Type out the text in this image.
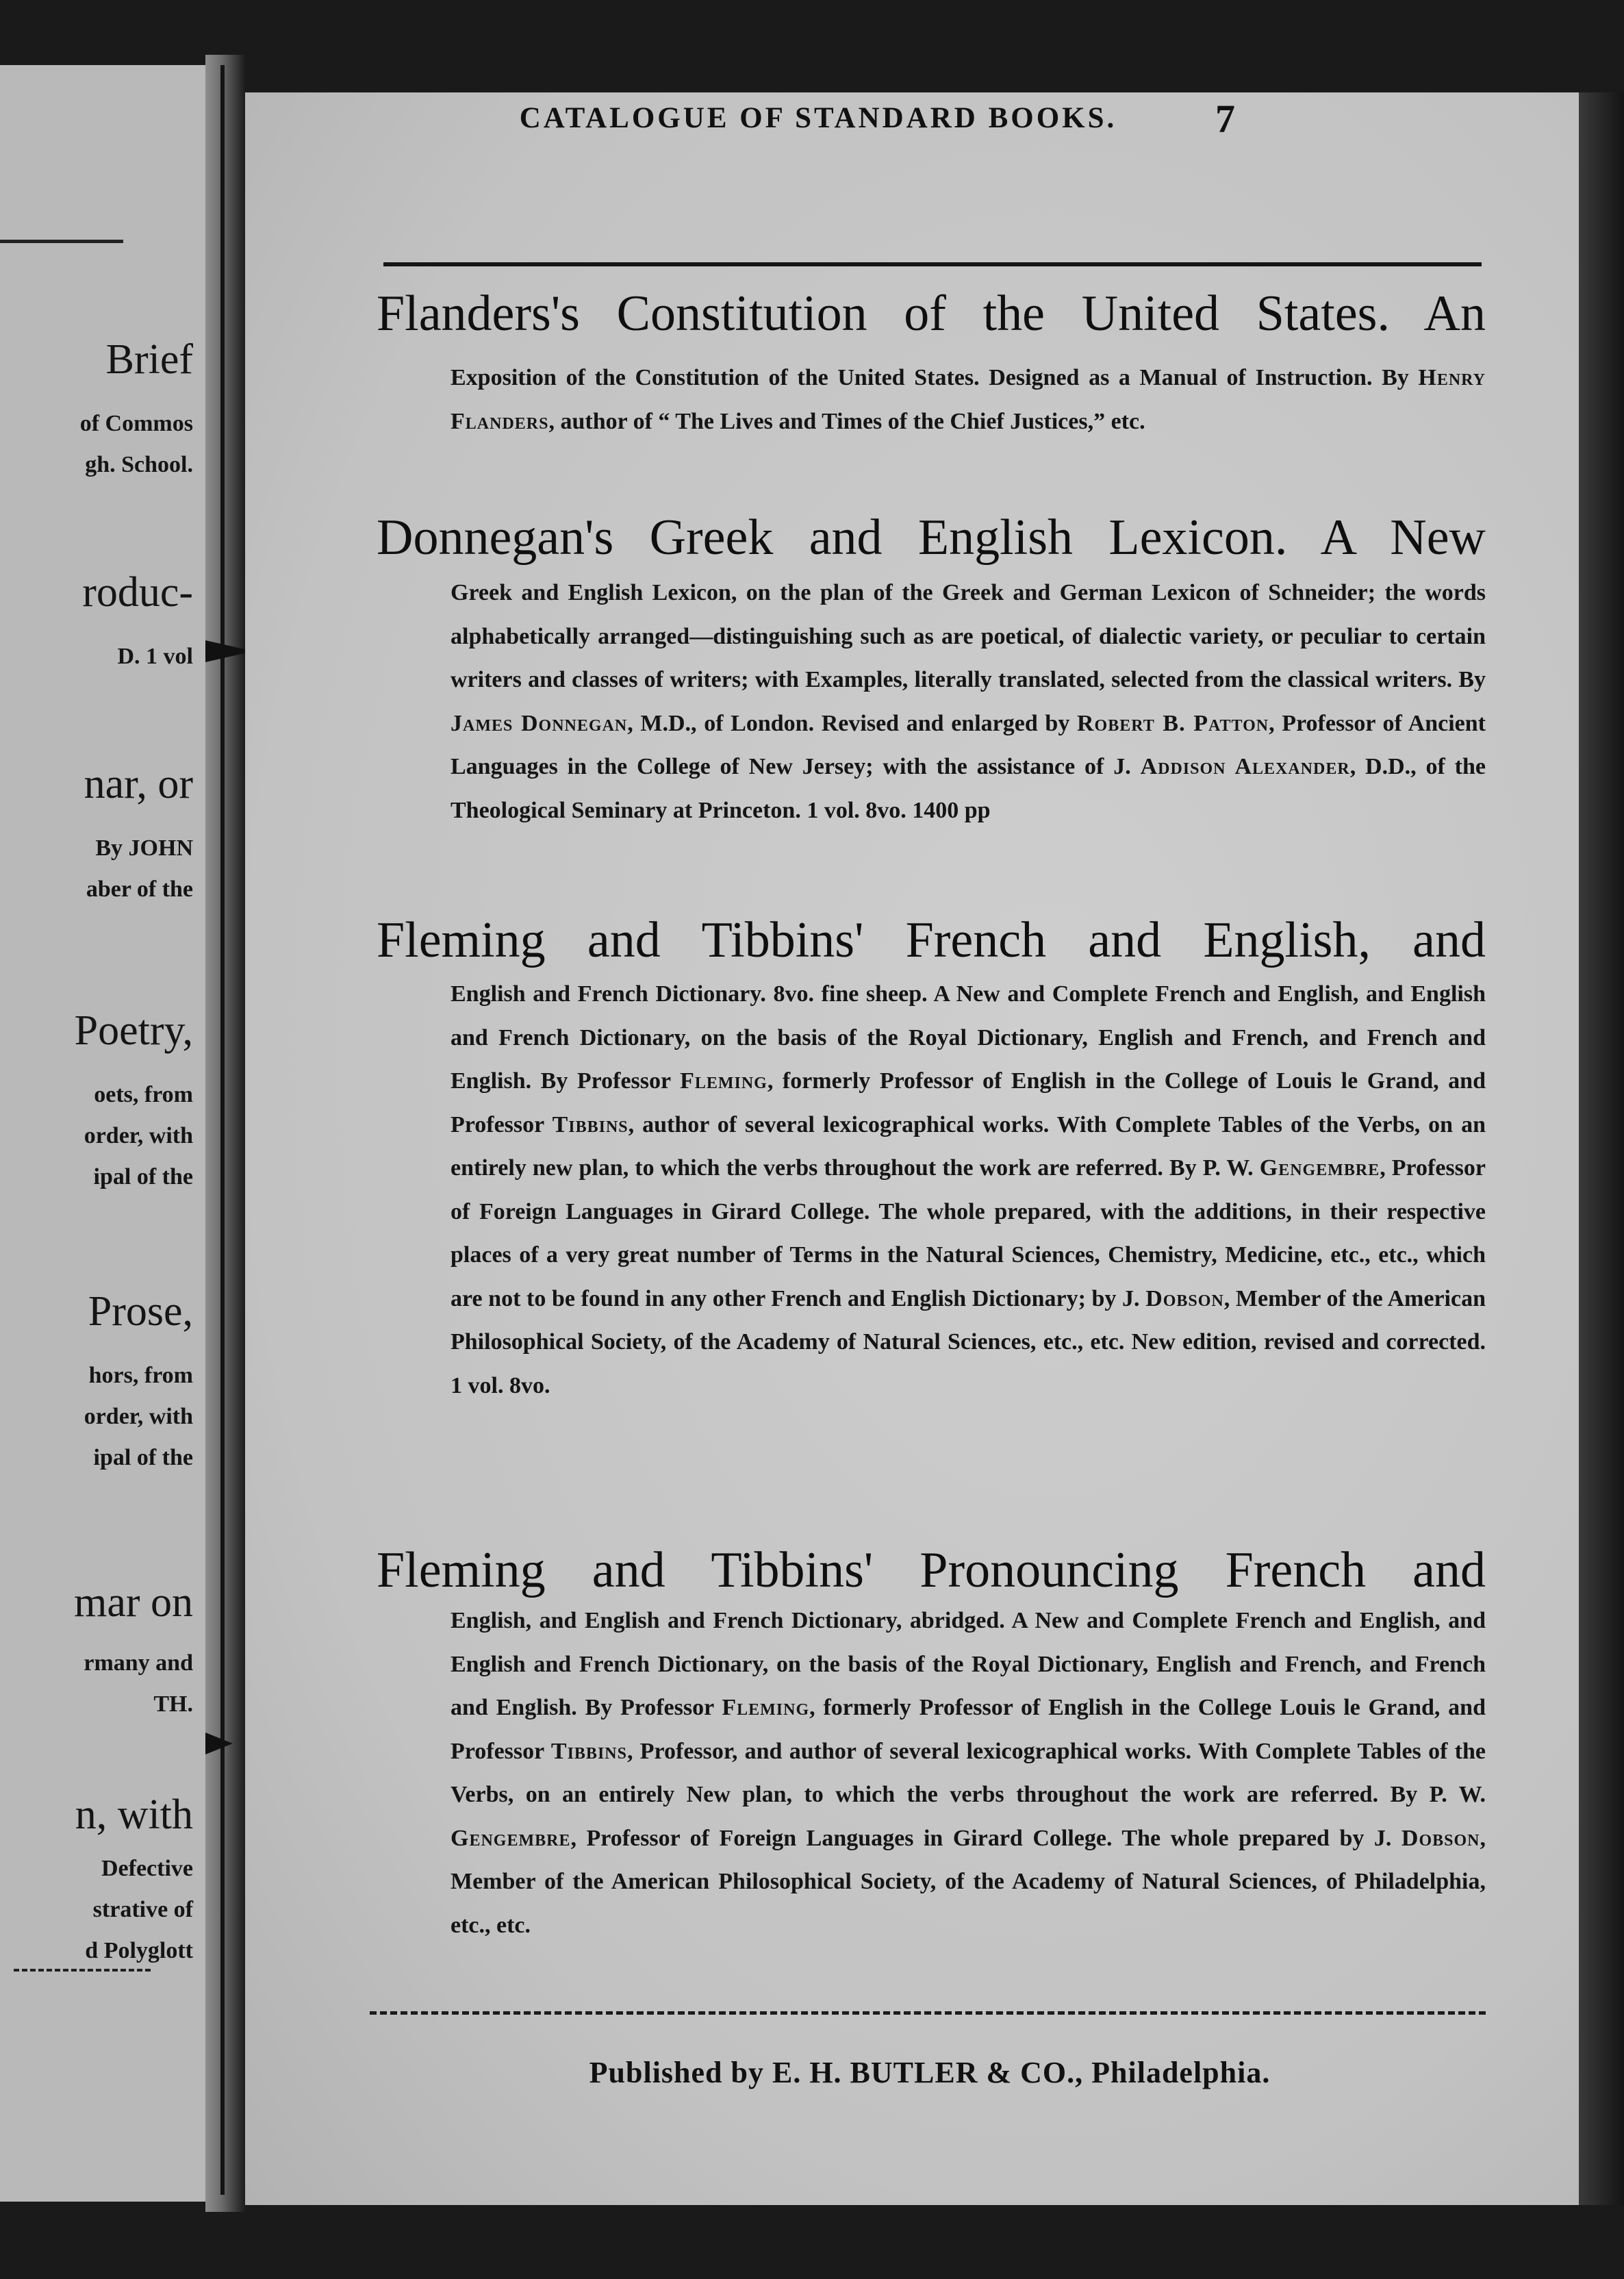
Brief
of Commos
gh. School.
roduc-
D. 1 vol
nar, or
By JOHN
aber of the
Poetry,
oets, from
order, with
ipal of the
Prose,
hors, from
order, with
ipal of the
mar on
rmany and
TH.
n, with
Defective
strative of
d Polyglott
CATALOGUE OF STANDARD BOOKS.	7
Flanders's Constitution of the United States. An
Exposition of the Constitution of the United States. Designed as a Manual of Instruction. By Henry Flanders, author of “ The Lives and Times of the Chief Justices,” etc.
Donnegan's Greek and English Lexicon. A New
Greek and English Lexicon, on the plan of the Greek and German Lexicon of Schneider; the words alphabetically arranged—distinguishing such as are poetical, of dialectic variety, or peculiar to certain writers and classes of writers; with Examples, literally translated, selected from the classical writers. By James Donnegan, M.D., of London. Revised and enlarged by Robert B. Patton, Professor of Ancient Languages in the College of New Jersey; with the assistance of J. Addison Alexander, D.D., of the Theological Seminary at Princeton. 1 vol. 8vo. 1400 pp
Fleming and Tibbins' French and English, and
English and French Dictionary. 8vo. fine sheep. A New and Complete French and English, and English and French Dictionary, on the basis of the Royal Dictionary, English and French, and French and English. By Professor Fleming, formerly Professor of English in the College of Louis le Grand, and Professor Tibbins, author of several lexicographical works. With Complete Tables of the Verbs, on an entirely new plan, to which the verbs throughout the work are referred. By P. W. Gengembre, Professor of Foreign Languages in Girard College. The whole prepared, with the additions, in their respective places of a very great number of Terms in the Natural Sciences, Chemistry, Medicine, etc., etc., which are not to be found in any other French and English Dictionary; by J. Dobson, Member of the American Philosophical Society, of the Academy of Natural Sciences, etc., etc. New edition, revised and corrected. 1 vol. 8vo.
Fleming and Tibbins' Pronouncing French and
English, and English and French Dictionary, abridged. A New and Complete French and English, and English and French Dictionary, on the basis of the Royal Dictionary, English and French, and French and English. By Professor Fleming, formerly Professor of English in the College Louis le Grand, and Professor Tibbins, Professor, and author of several lexicographical works. With Complete Tables of the Verbs, on an entirely New plan, to which the verbs throughout the work are referred. By P. W. Gengembre, Professor of Foreign Languages in Girard College. The whole prepared by J. Dobson, Member of the American Philosophical Society, of the Academy of Natural Sciences, of Philadelphia, etc., etc.
Published by E. H. BUTLER & CO., Philadelphia.
